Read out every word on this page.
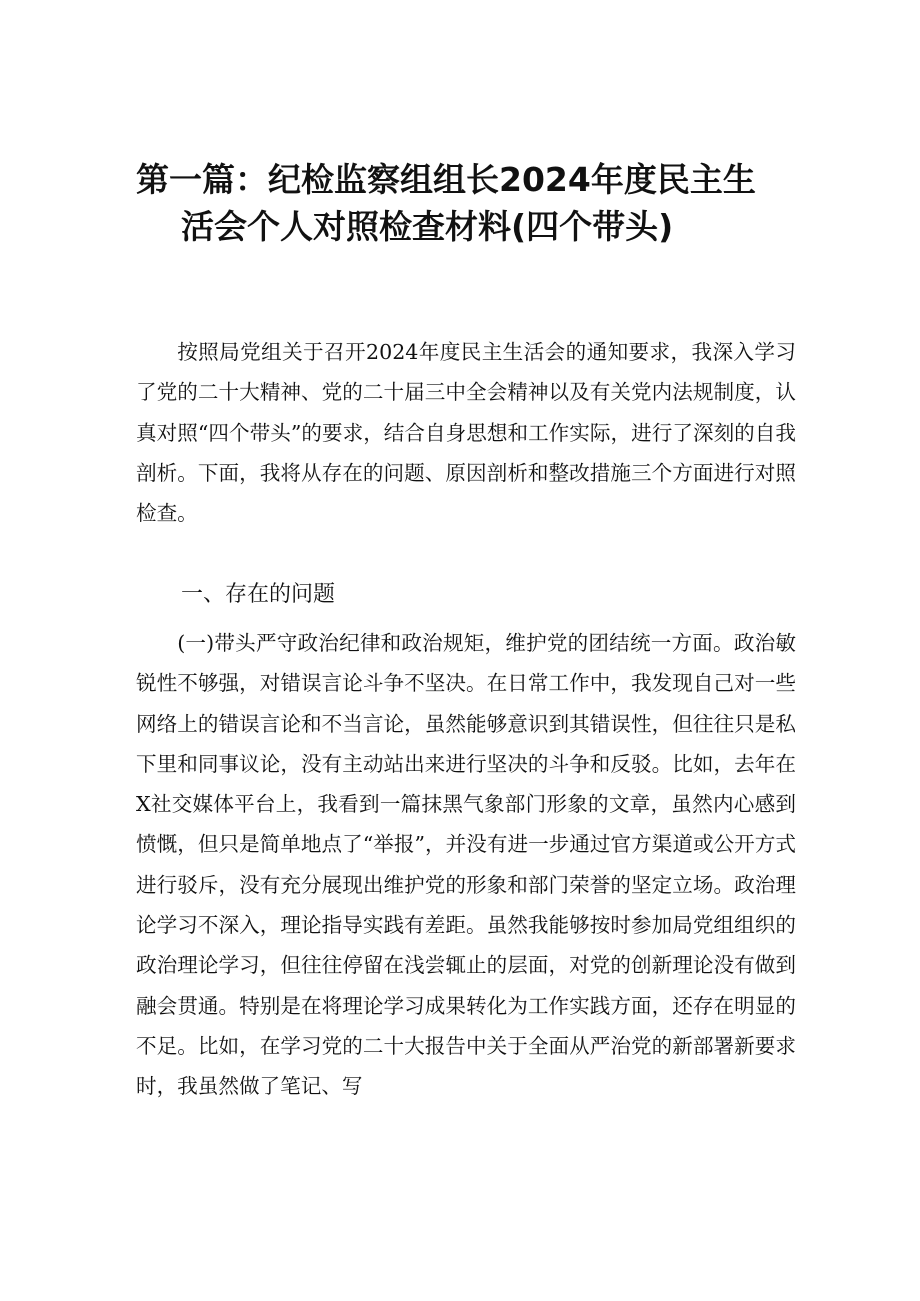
第一篇：纪检监察组组长2024年度民主生
活会个人对照检查材料(四个带头)

按照局党组关于召开2024年度民主生活会的通知要求，我深入学习了党的二十大精神、党的二十届三中全会精神以及有关党内法规制度，认真对照“四个带头”的要求，结合自身思想和工作实际，进行了深刻的自我剖析。下面，我将从存在的问题、原因剖析和整改措施三个方面进行对照检查。

一、存在的问题

(一)带头严守政治纪律和政治规矩，维护党的团结统一方面。政治敏锐性不够强，对错误言论斗争不坚决。在日常工作中，我发现自己对一些网络上的错误言论和不当言论，虽然能够意识到其错误性，但往往只是私下里和同事议论，没有主动站出来进行坚决的斗争和反驳。比如，去年在X社交媒体平台上，我看到一篇抹黑气象部门形象的文章，虽然内心感到愤慨，但只是简单地点了“举报”，并没有进一步通过官方渠道或公开方式进行驳斥，没有充分展现出维护党的形象和部门荣誉的坚定立场。政治理论学习不深入，理论指导实践有差距。虽然我能够按时参加局党组组织的政治理论学习，但往往停留在浅尝辄止的层面，对党的创新理论没有做到融会贯通。特别是在将理论学习成果转化为工作实践方面，还存在明显的不足。比如，在学习党的二十大报告中关于全面从严治党的新部署新要求时，我虽然做了笔记、写
